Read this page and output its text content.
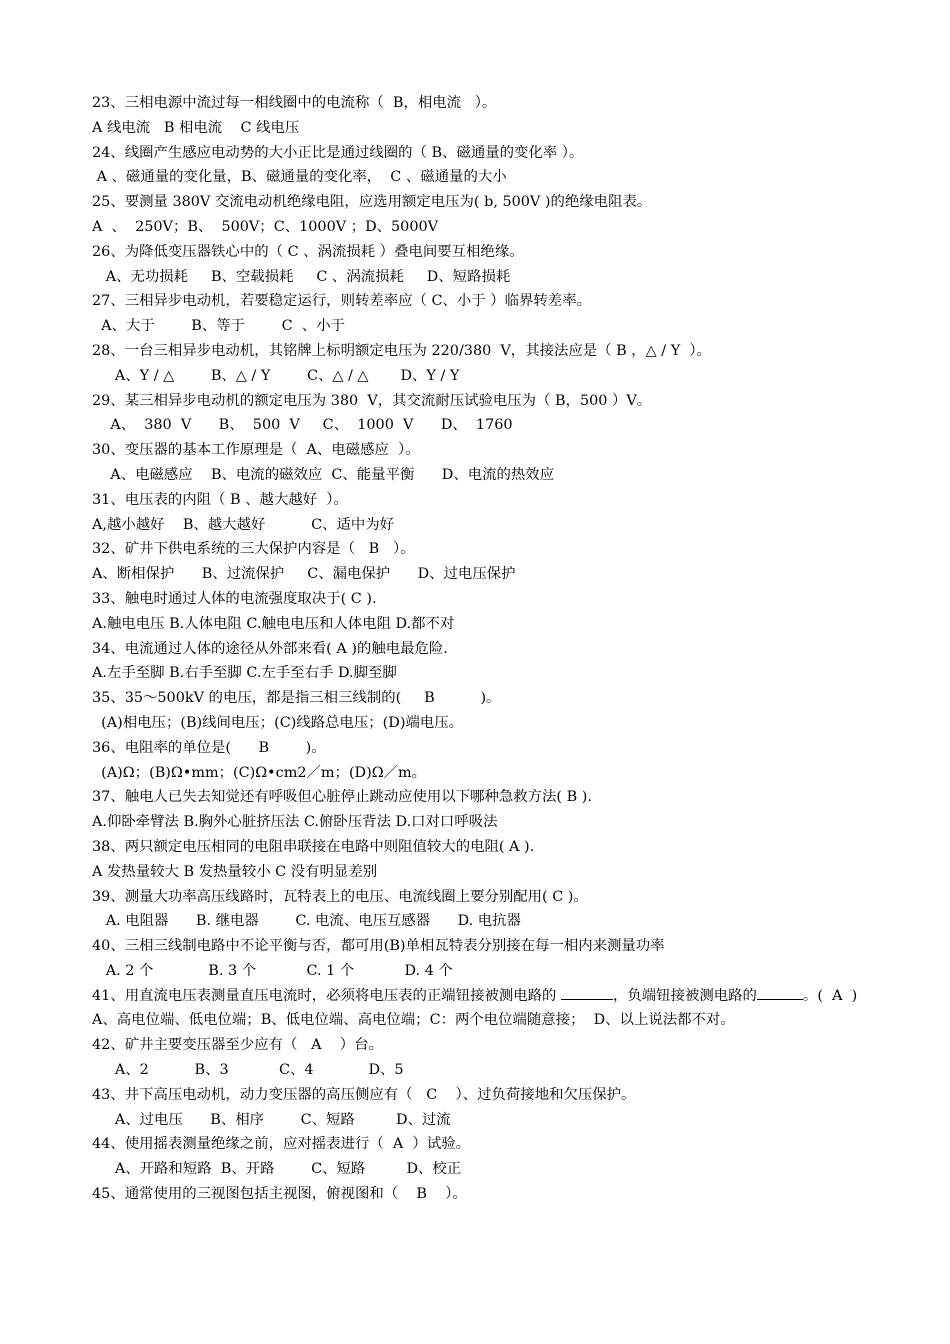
23、三相电源中流过每一相线圈中的电流称（  B，相电流   ）。
A 线电流   B 相电流    C 线电压
24、线圈产生感应电动势的大小正比是通过线圈的（ B、磁通量的变化率 ）。
A 、磁通量的变化量，B、磁通量的变化率，  C 、磁通量的大小
25、要测量 380V 交流电动机绝缘电阻，应选用额定电压为( b, 500V )的绝缘电阻表。
A  、  250V；B、  500V；C、1000V ；D、5000V
26、为降低变压器铁心中的（ C 、涡流损耗 ）叠电间要互相绝缘。
A、无功损耗     B、空载损耗     C 、涡流损耗     D、短路损耗
27、三相异步电动机，若要稳定运行，则转差率应（ C、小于 ）临界转差率。
A、大于        B、等于        C  、小于
28、一台三相异步电动机，其铭牌上标明额定电压为 220/380  V，其接法应是（ B ，△ / Y  ）。
A、Y / △        B、△ / Y        C、△ / △       D、Y / Y
29、某三相异步电动机的额定电压为 380  V，其交流耐压试验电压为（ B，500 ）V。
A、  380  V      B、  500  V     C、  1000  V      D、  1760
30、变压器的基本工作原理是（  A、电磁感应  ）。
A、电磁感应    B、电流的磁效应  C、能量平衡      D、电流的热效应
31、电压表的内阻（ B 、越大越好  ）。
A,越小越好    B、越大越好          C、适中为好
32、矿井下供电系统的三大保护内容是（   B   ）。
A、断相保护      B、过流保护     C、漏电保护      D、过电压保护
33、触电时通过人体的电流强度取决于( C ).
A.触电电压 B.人体电阻 C.触电电压和人体电阻 D.都不对
34、电流通过人体的途径从外部来看( A )的触电最危险.
A.左手至脚 B.右手至脚 C.左手至右手 D.脚至脚
35、35～500kV 的电压，都是指三相三线制的(     B          )。
(A)相电压；(B)线间电压；(C)线路总电压；(D)端电压。
36、电阻率的单位是(      B        )。
(A)Ω；(B)Ω•mm；(C)Ω•cm2／m；(D)Ω／m。
37、触电人已失去知觉还有呼吸但心脏停止跳动应使用以下哪种急救方法( B ).
A.仰卧牵臂法 B.胸外心脏挤压法 C.俯卧压背法 D.口对口呼吸法
38、两只额定电压相同的电阻串联接在电路中则阻值较大的电阻( A ).
A 发热量较大 B 发热量较小 C 没有明显差别
39、测量大功率高压线路时，瓦特表上的电压、电流线圈上要分别配用( C )。
A. 电阻器      B. 继电器        C. 电流、电压互感器      D. 电抗器
40、三相三线制电路中不论平衡与否，都可用(B)单相瓦特表分别接在每一相内来测量功率
A. 2 个            B. 3 个           C. 1 个           D. 4 个
41、用直流电压表测量直压电流时，必须将电压表的正端钮接被测电路的	，负端钮接被测电路的	。(  A  )
A、高电位端、低电位端；B、低电位端、高电位端；C：两个电位端随意接；  D、以上说法都不对。
42、矿井主要变压器至少应有（   A    ）台。
A、2          B、3           C、4            D、5
43、井下高压电动机，动力变压器的高压侧应有（   C    ）、过负荷接地和欠压保护。
A、过电压      B、相序        C、短路         D、过流
44、使用摇表测量绝缘之前，应对摇表进行（  A  ）试验。
A、开路和短路  B、开路        C、短路         D、校正
45、通常使用的三视图包括主视图，俯视图和（    B    ）。
